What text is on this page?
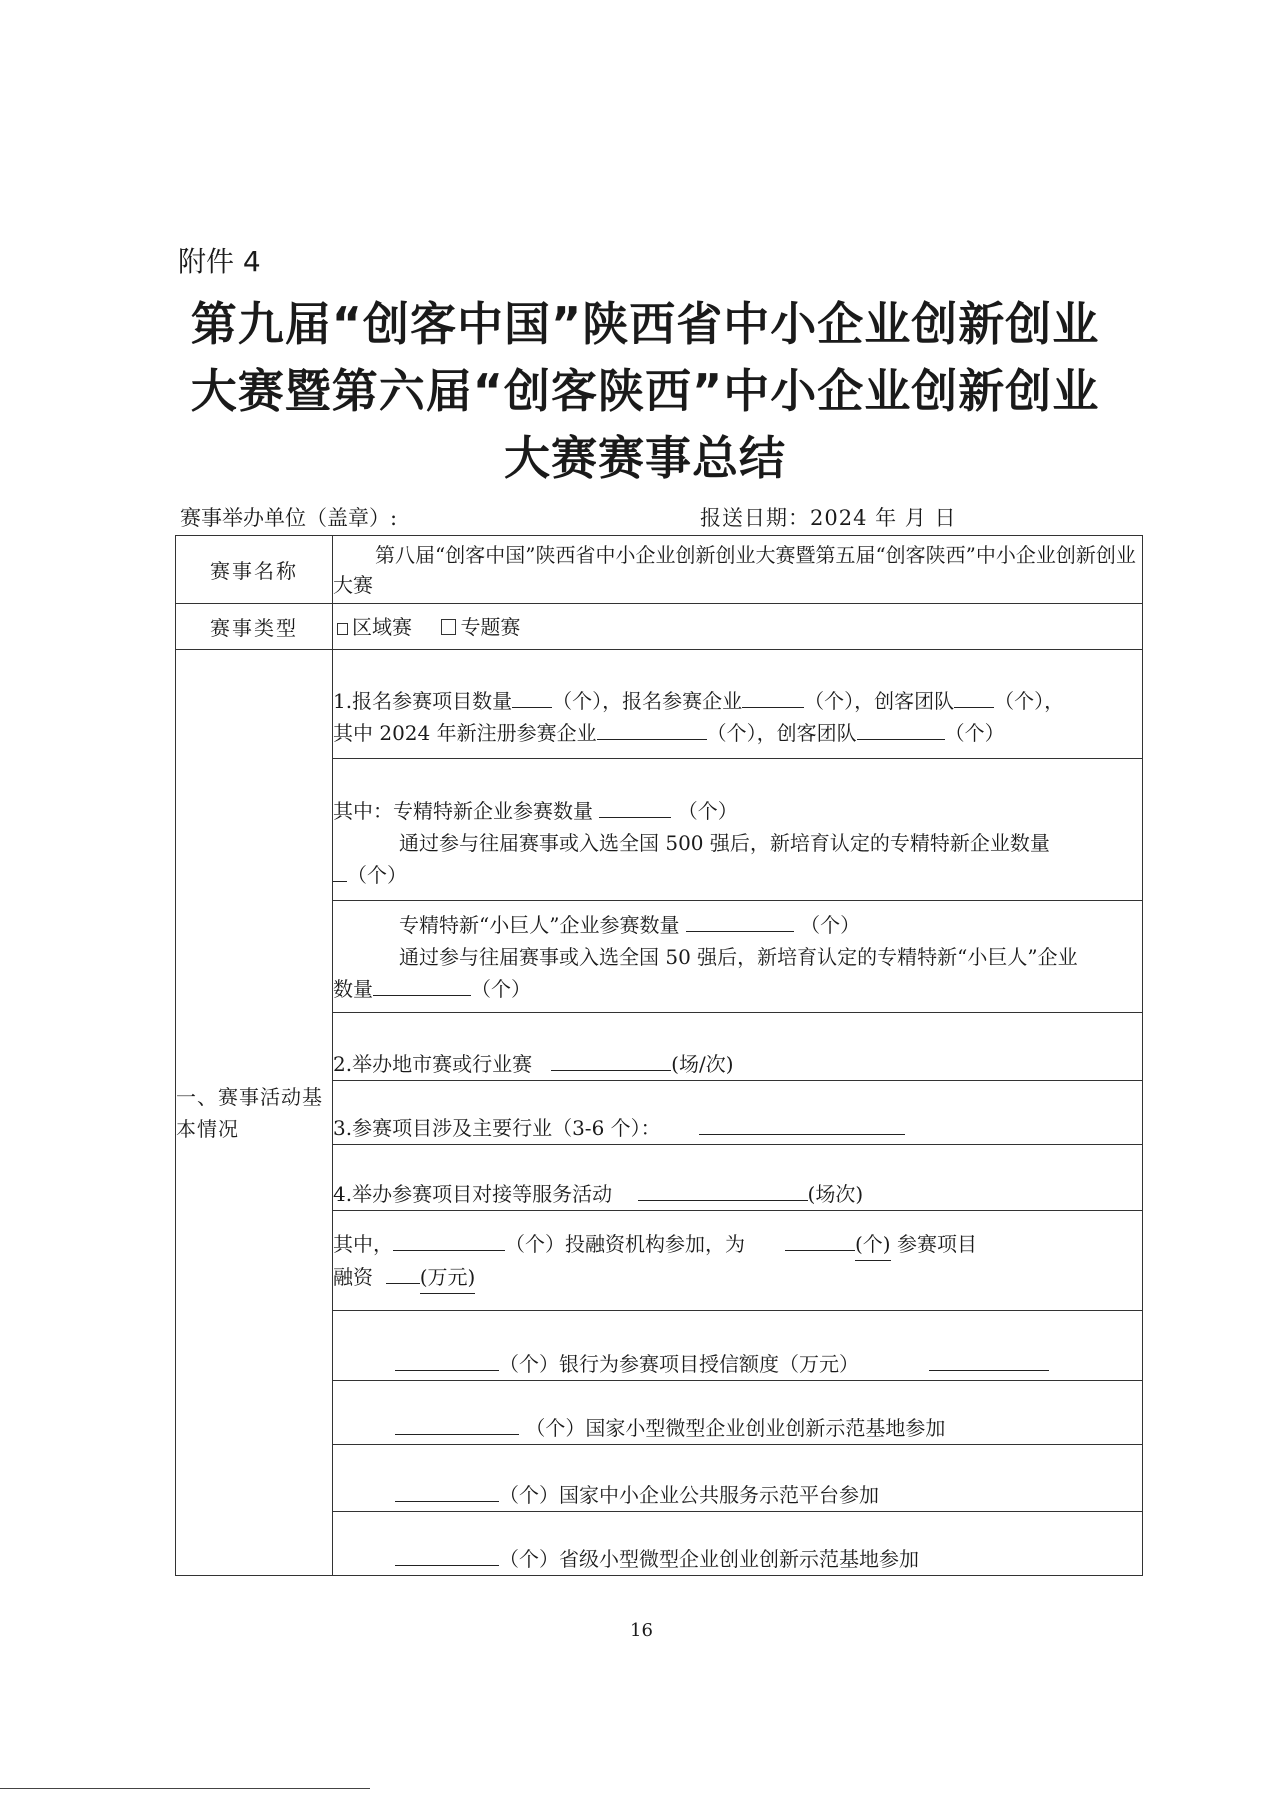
附件 4
第九届“创客中国”陕西省中小企业创新创业
大赛暨第六届“创客陕西”中小企业创新创业
大赛赛事总结
赛事举办单位（盖章）:	报送日期：2024 年 月 日
赛事名称	第八届“创客中国”陕西省中小企业创新创业大赛暨第五届“创客陕西”中小企业创新创业大赛
赛事类型	区域赛 专题赛
一、赛事活动基本情况	1.报名参赛项目数量 （个），报名参赛企业 （个），创客团队 （个），
其中 2024 年新注册参赛企业 （个），创客团队 （个）
	其中：专精特新企业参赛数量 （个）

通过参与往届赛事或入选全国 500 强后，新培育认定的专精特新企业数量
（个）
	专精特新“小巨人”企业参赛数量 （个）

通过参与往届赛事或入选全国 50 强后，新培育认定的专精特新“小巨人”企业
数量 （个）
	2.举办地市赛或行业赛 (场/次)
	3.参赛项目涉及主要行业（3-6 个）：
	4.举办参赛项目对接等服务活动 (场次)
	其中， （个）投融资机构参加，为 (个) 参赛项目
融资 (万元)
	（个）银行为参赛项目授信额度（万元）
	（个）国家小型微型企业创业创新示范基地参加
	（个）国家中小企业公共服务示范平台参加
	（个）省级小型微型企业创业创新示范基地参加
16
